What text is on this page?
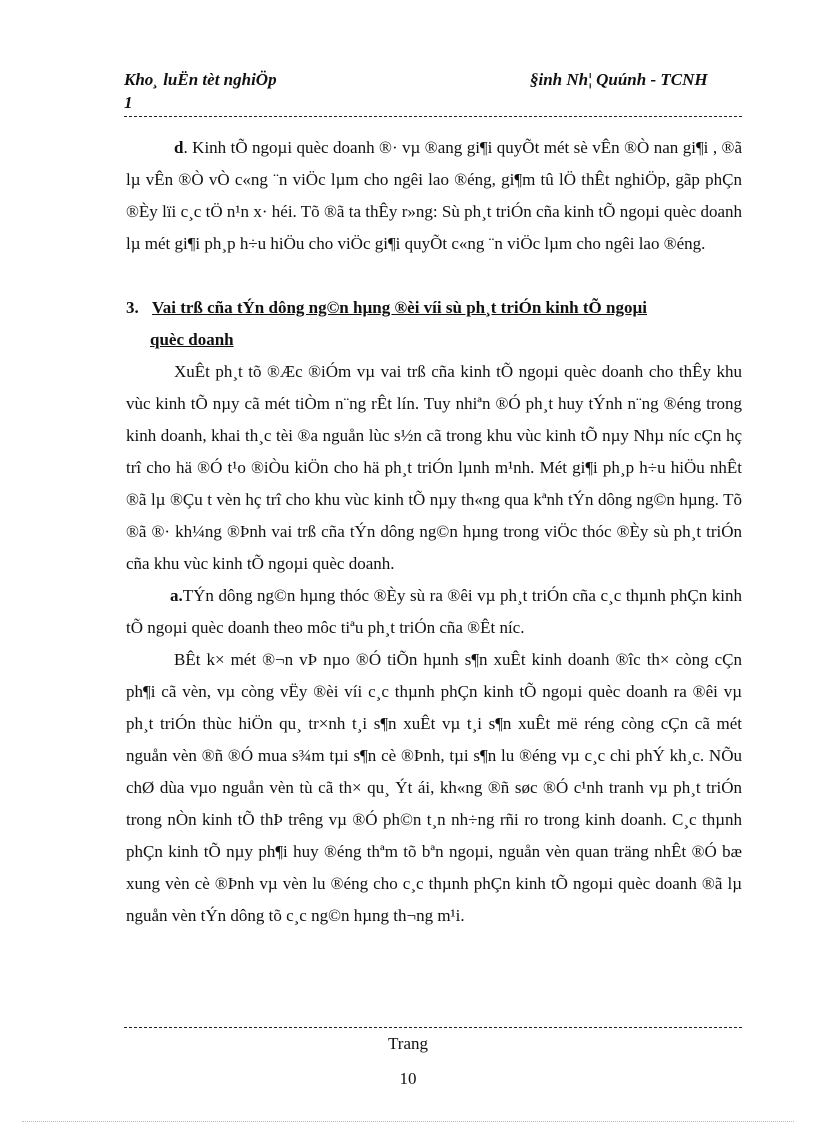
Kho¸ luËn tèt nghiÖp
1
§inh Nh¦ Quúnh - TCNH

d. Kinh tÕ ngoµi quèc doanh ®· vµ ®ang gi¶i quyÕt mét sè vÊn ®Ò nan gi¶i , ®ã lµ vÊn ®Ò vÒ c«ng ¨n viÖc lµm cho ngêi lao ®éng, gi¶m tû lÖ thÊt nghiÖp, gãp phÇn ®Èy lïi c¸c tÖ n¹n x· héi. Tõ ®ã ta thÊy r»ng: Sù ph¸t triÓn cña kinh tÕ ngoµi quèc doanh lµ mét gi¶i ph¸p h÷u hiÖu cho viÖc gi¶i quyÕt c«ng ¨n viÖc lµm cho ngêi lao ®éng.

3. Vai trß cña tÝn dông ng©n hµng ®èi víi sù ph¸t triÓn kinh tÕ ngoµi

quèc doanh

XuÊt ph¸t tõ ®Æc ®iÓm vµ vai trß cña kinh tÕ ngoµi quèc doanh cho thÊy khu vùc kinh tÕ nµy cã mét tiÒm n¨ng rÊt lín. Tuy nhiªn ®Ó ph¸t huy tÝnh n¨ng ®éng trong kinh doanh, khai th¸c tèi ®a nguån lùc s½n cã trong khu vùc kinh tÕ nµy Nhµ níc cÇn hç trî cho hä ®Ó t¹o ®iÒu kiÖn cho hä ph¸t triÓn lµnh m¹nh. Mét gi¶i ph¸p h÷u hiÖu nhÊt ®ã lµ ®Çu t vèn hç trî cho khu vùc kinh tÕ nµy th«ng qua kªnh tÝn dông ng©n hµng. Tõ ®ã ®· kh¼ng ®Þnh vai trß cña tÝn dông ng©n hµng trong viÖc thóc ®Èy sù ph¸t triÓn cña khu vùc kinh tÕ ngoµi quèc doanh.

a.TÝn dông ng©n hµng thóc ®Èy sù ra ®êi vµ ph¸t triÓn cña c¸c thµnh phÇn kinh tÕ ngoµi quèc doanh theo môc tiªu ph¸t triÓn cña ®Êt níc.

BÊt k× mét ®¬n vÞ nµo ®Ó tiÕn hµnh s¶n xuÊt kinh doanh ®îc th× còng cÇn ph¶i cã vèn, vµ còng vËy ®èi víi c¸c thµnh phÇn kinh tÕ ngoµi quèc doanh ra ®êi vµ ph¸t triÓn thùc hiÖn qu¸ tr×nh t¸i s¶n xuÊt vµ t¸i s¶n xuÊt më réng còng cÇn cã mét nguån vèn ®ñ ®Ó mua s¾m tµi s¶n cè ®Þnh, tµi s¶n lu ®éng vµ c¸c chi phÝ kh¸c. NÕu chØ dùa vµo nguån vèn tù cã th× qu¸ Ýt ái, kh«ng ®ñ søc ®Ó c¹nh tranh vµ ph¸t triÓn trong nÒn kinh tÕ thÞ trêng vµ ®Ó ph©n t¸n nh÷ng rñi ro trong kinh doanh. C¸c thµnh phÇn kinh tÕ nµy ph¶i huy ®éng thªm tõ bªn ngoµi, nguån vèn quan träng nhÊt ®Ó bæ xung vèn cè ®Þnh vµ vèn lu ®éng cho c¸c thµnh phÇn kinh tÕ ngoµi quèc doanh ®ã lµ nguån vèn tÝn dông tõ c¸c ng©n hµng th¬ng m¹i.

Trang
10
